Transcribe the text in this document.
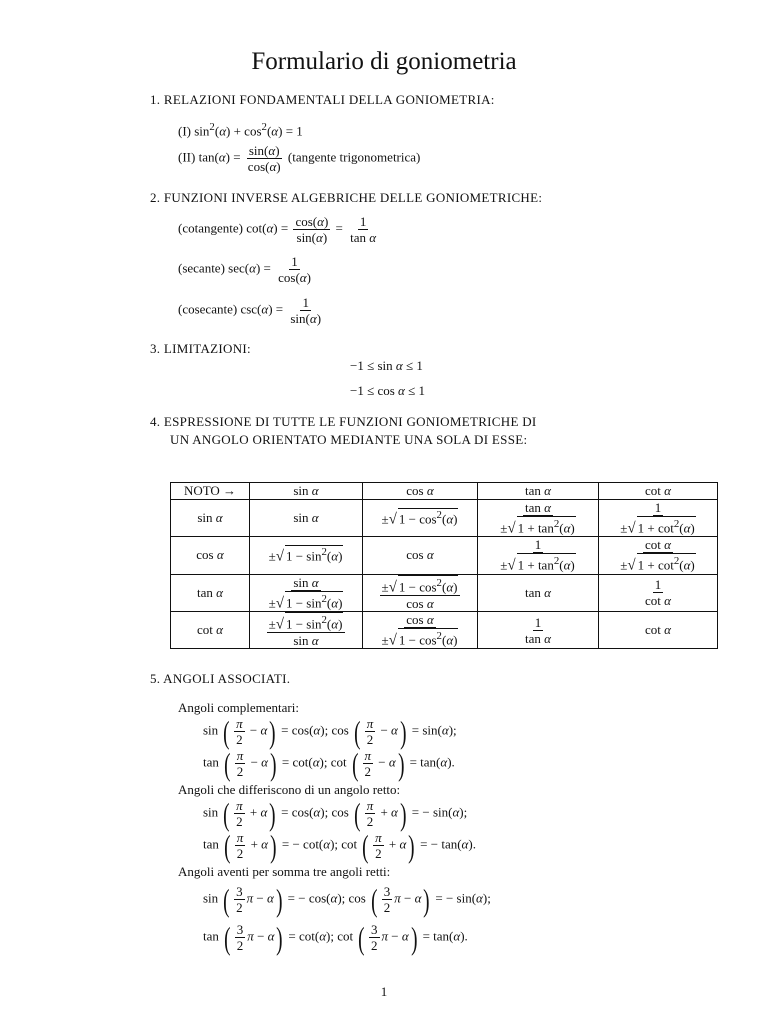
Formulario di goniometria
1. RELAZIONI FONDAMENTALI DELLA GONIOMETRIA:
(I) $\sin^2(\alpha) + \cos^2(\alpha) = 1$
(II) $\tan(\alpha) = \frac{\sin(\alpha)}{\cos(\alpha)}$ (tangente trigonometrica)
2. FUNZIONI INVERSE ALGEBRICHE DELLE GONIOMETRICHE:
(cotangente) $\cot(\alpha) = \frac{\cos(\alpha)}{\sin(\alpha)} = \frac{1}{\text{tan α}}$
(secante) $\sec(\alpha) = \frac{1}{\cos(\alpha)}$
(cosecante) $\csc(\alpha) = \frac{1}{\sin(\alpha)}$
3. LIMITAZIONI:
−1 ≤ sin α ≤ 1
−1 ≤ cos α ≤ 1
4. ESPRESSIONE DI TUTTE LE FUNZIONI GONIOMETRICHE DI
UN ANGOLO ORIENTATO MEDIANTE UNA SOLA DI ESSE:
NOTO →	sin α	cos α	tan α	cot α
sin α	sin α	±√ $1 - \cos^2(\alpha)$	$\frac{\text{tan α}}{\pm√ 1 + \tan^2(\alpha)}$	$\frac{1}{\pm√ 1 + \cot^2(\alpha)}$

cos α	±√ $1 - \sin^2(\alpha)$	cos α	$\frac{1}{\pm√ 1 + \tan^2(\alpha)}$	$\frac{\text{cot α}}{\pm√ 1 + \cot^2(\alpha)}$

tan α	$\frac{\text{sin α}}{\pm√ 1 - \sin^2(\alpha)}$	$\frac{\pm√ 1 - \cos^2(\alpha)}{\text{cos α}}$	tan α	$\frac{1}{\text{cot α}}$

cot α	$\frac{\pm√ 1 - \sin^2(\alpha)}{\text{sin α}}$	$\frac{\text{cos α}}{\pm√ 1 - \cos^2(\alpha)}$	$\frac{1}{\text{tan α}}$	cot α
5. ANGOLI ASSOCIATI.
Angoli complementari:
sin ( $\frac{\pi}{2} - \alpha) = \cos(\alpha)$; cos ( $\frac{\pi}{2} - \alpha) = \sin(\alpha)$;
tan ( $\frac{\pi}{2} - \alpha) = \cot(\alpha)$; cot ( $\frac{\pi}{2} - \alpha) = \tan(\alpha)$.
Angoli che differiscono di un angolo retto:
sin ( $\frac{\pi}{2} + \alpha) = \cos(\alpha)$; cos ( $\frac{\pi}{2} + \alpha$) = − sin(α);
tan ( $\frac{\pi}{2} + \alpha$) = − cot(α); cot ( $\frac{\pi}{2} + \alpha$) = − tan(α).
Angoli aventi per somma tre angoli retti:
sin ( $\frac{3}{2}$ π − α) = − cos(α); cos ( $\frac{3}{2}$ π − α) = − sin(α);
tan ( $\frac{3}{2}$ π − α) = cot(α); cot ( $\frac{3}{2}$ π − α) = tan(α).
1
